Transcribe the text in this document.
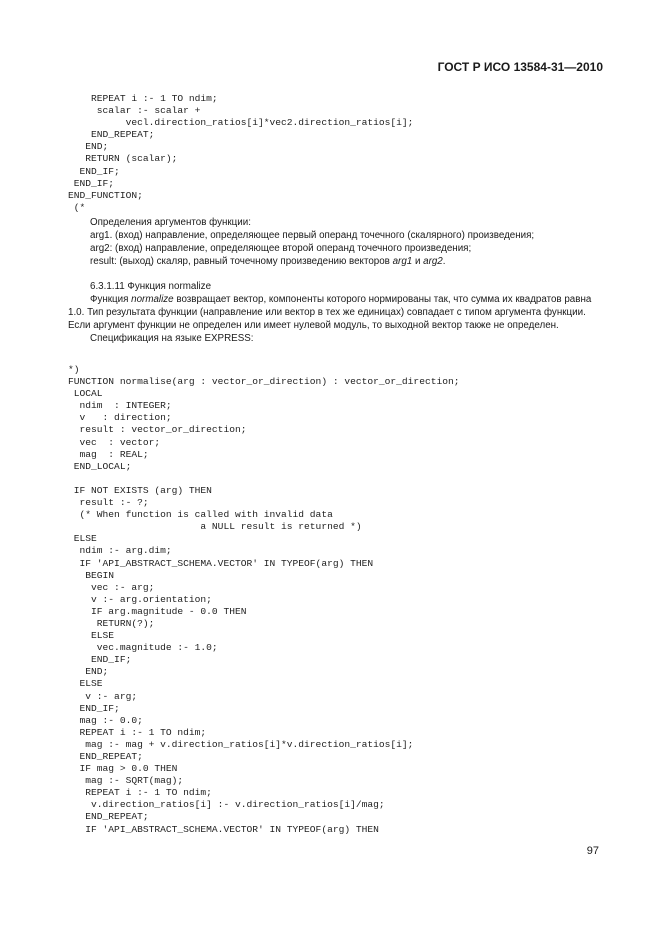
ГОСТ Р ИСО 13584-31—2010
REPEAT i :- 1 TO ndim;
scalar :- scalar +
vecl.direction_ratios[i]*vec2.direction_ratios[i];
END_REPEAT;
END;
RETURN (scalar);
END_IF;
END_IF;
END_FUNCTION;
(*

Определения аргументов функции:

arg1. (вход) направление, определяющее первый операнд точечного (скалярного) произведения;

arg2: (вход) направление, определяющее второй операнд точечного произведения;

result: (выход) скаляр, равный точечному произведению векторов arg1 и arg2.

6.3.1.11 Функция normalize

Функция normalize возвращает вектор, компоненты которого нормированы так, что сумма их квадратов равна 1.0. Тип результата функции (направление или вектор в тех же единицах) совпадает с типом аргумента функции. Если аргумент функции не определен или имеет нулевой модуль, то выходной вектор также не определен.

Спецификация на языке EXPRESS:

*)
FUNCTION normalise(arg : vector_or_direction) : vector_or_direction;
LOCAL
ndim  : INTEGER;
v   : direction;
result : vector_or_direction;
vec  : vector;
mag  : REAL;
END_LOCAL;
IF NOT EXISTS (arg) THEN
result :- ?;
(* When function is called with invalid data
a NULL result is returned *)
ELSE
ndim :- arg.dim;
IF 'API_ABSTRACT_SCHEMA.VECTOR' IN TYPEOF(arg) THEN
BEGIN
vec :- arg;
v :- arg.orientation;
IF arg.magnitude - 0.0 THEN
RETURN(?);
ELSE
vec.magnitude :- 1.0;
END_IF;
END;
ELSE
v :- arg;
END_IF;
mag :- 0.0;
REPEAT i :- 1 TO ndim;
mag :- mag + v.direction_ratios[i]*v.direction_ratios[i];
END_REPEAT;
IF mag > 0.0 THEN
mag :- SQRT(mag);
REPEAT i :- 1 TO ndim;
v.direction_ratios[i] :- v.direction_ratios[i]/mag;
END_REPEAT;
IF 'API_ABSTRACT_SCHEMA.VECTOR' IN TYPEOF(arg) THEN
97
